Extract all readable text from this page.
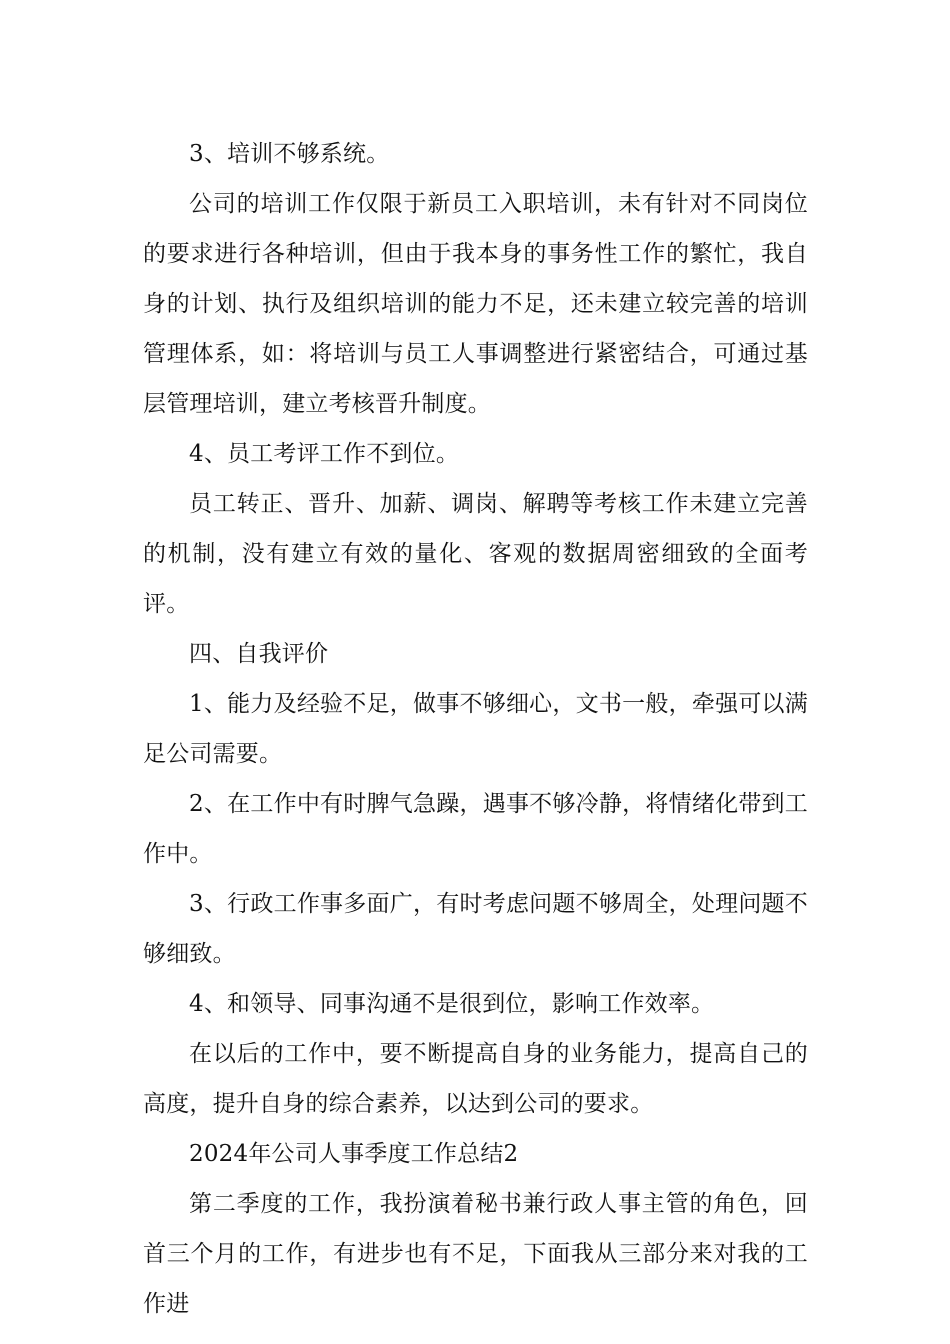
3、培训不够系统。

公司的培训工作仅限于新员工入职培训，未有针对不同岗位的要求进行各种培训，但由于我本身的事务性工作的繁忙，我自身的计划、执行及组织培训的能力不足，还未建立较完善的培训管理体系，如：将培训与员工人事调整进行紧密结合，可通过基层管理培训，建立考核晋升制度。

4、员工考评工作不到位。

员工转正、晋升、加薪、调岗、解聘等考核工作未建立完善的机制，没有建立有效的量化、客观的数据周密细致的全面考评。

四、自我评价

1、能力及经验不足，做事不够细心，文书一般，牵强可以满足公司需要。

2、在工作中有时脾气急躁，遇事不够冷静，将情绪化带到工作中。

3、行政工作事多面广，有时考虑问题不够周全，处理问题不够细致。

4、和领导、同事沟通不是很到位，影响工作效率。

在以后的工作中，要不断提高自身的业务能力，提高自己的高度，提升自身的综合素养，以达到公司的要求。

2024年公司人事季度工作总结2

第二季度的工作，我扮演着秘书兼行政人事主管的角色，回首三个月的工作，有进步也有不足，下面我从三部分来对我的工作进
